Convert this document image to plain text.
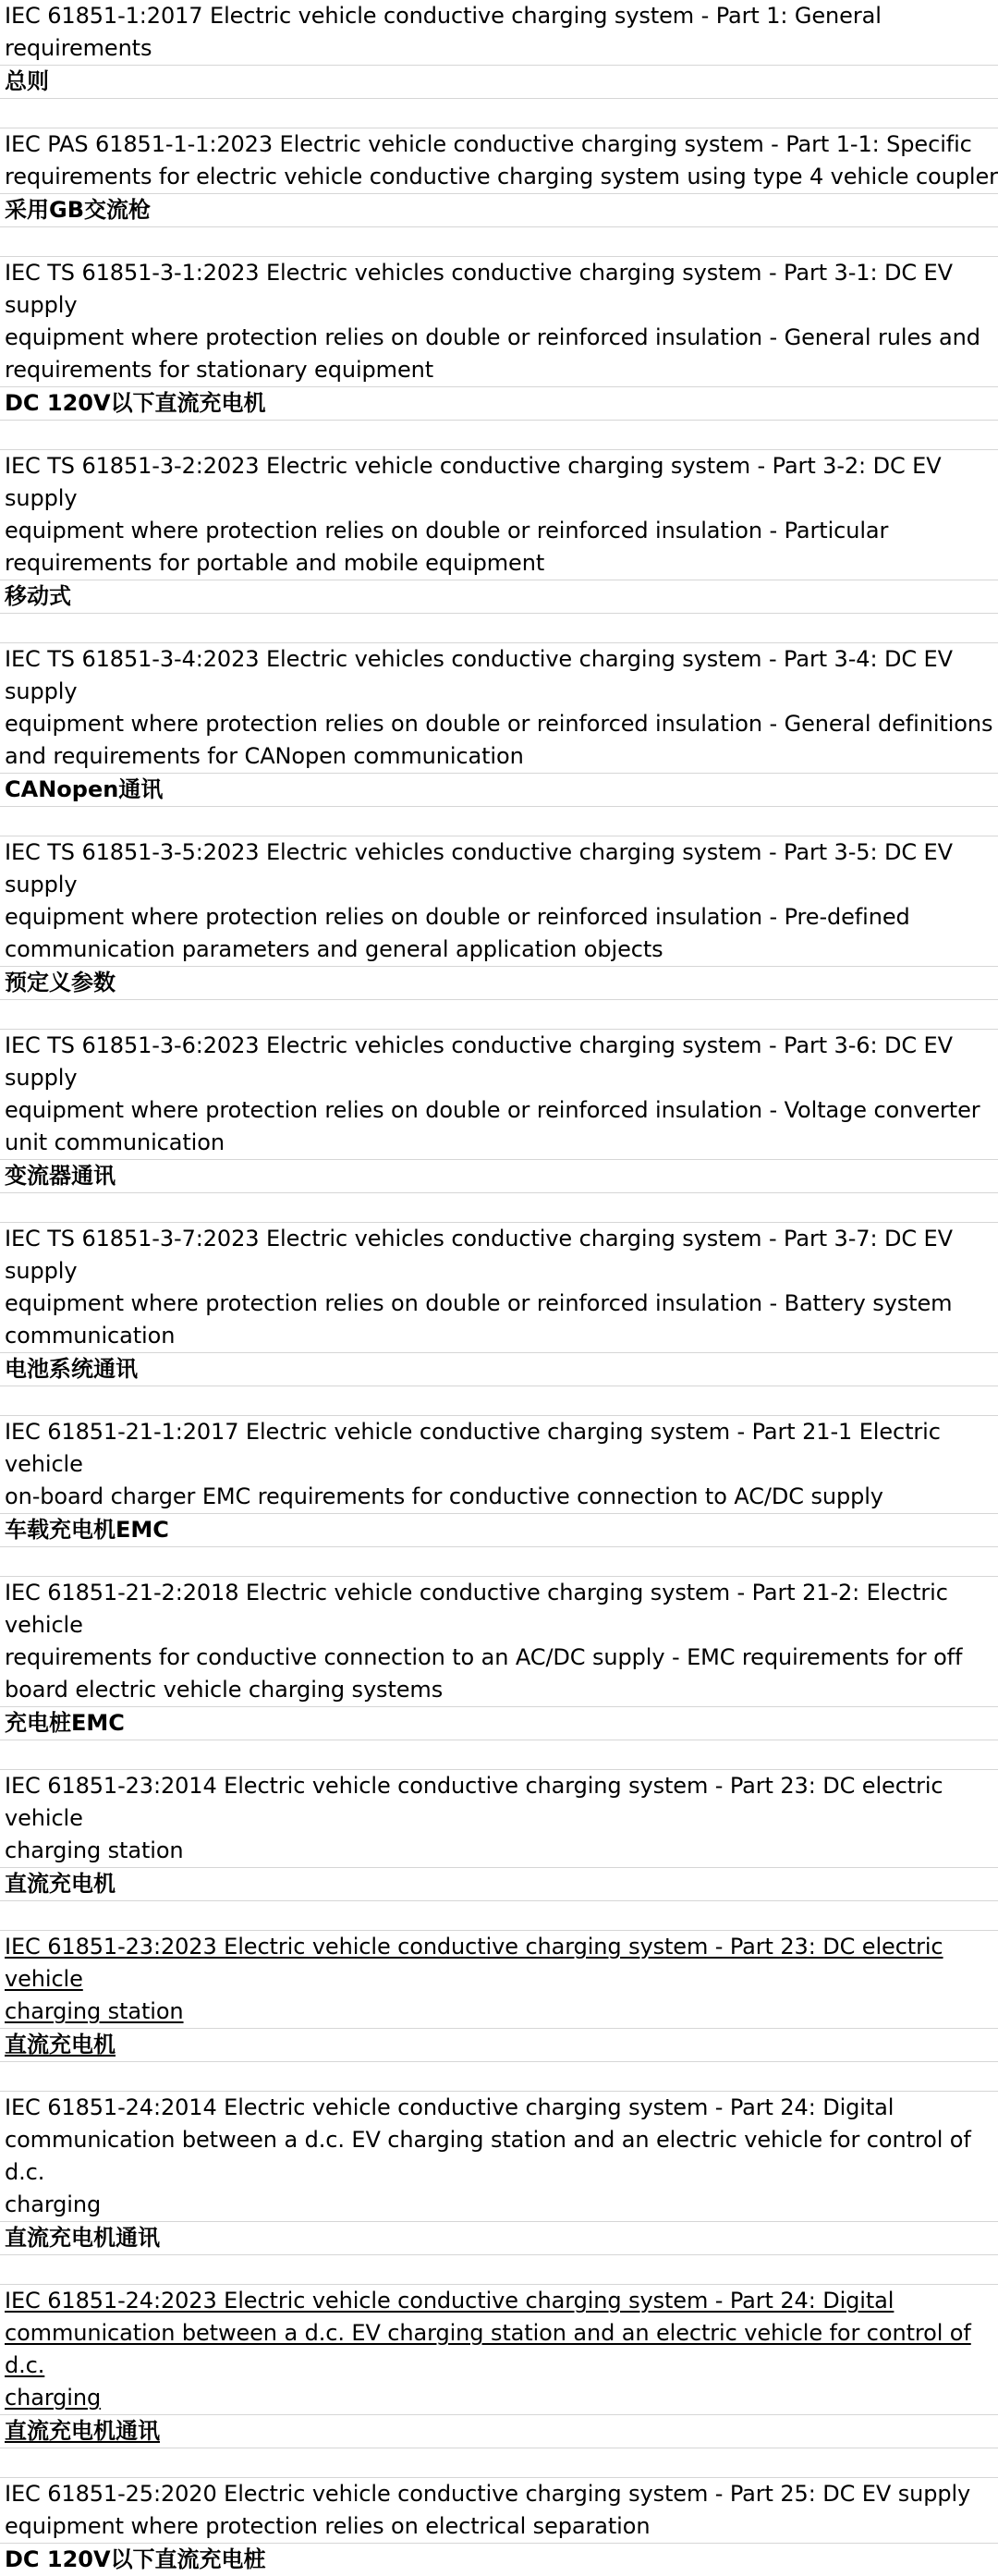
IEC 61851-1:2017 Electric vehicle conductive charging system - Part 1: General requirements
总则
IEC PAS 61851-1-1:2023 Electric vehicle conductive charging system - Part 1-1: Specific
requirements for electric vehicle conductive charging system using type 4 vehicle coupler
采用GB交流枪
IEC TS 61851-3-1:2023 Electric vehicles conductive charging system - Part 3-1: DC EV supply
equipment where protection relies on double or reinforced insulation - General rules and
requirements for stationary equipment
DC 120V以下直流充电机
IEC TS 61851-3-2:2023 Electric vehicle conductive charging system - Part 3-2: DC EV supply
equipment where protection relies on double or reinforced insulation - Particular
requirements for portable and mobile equipment
移动式
IEC TS 61851-3-4:2023 Electric vehicles conductive charging system - Part 3-4: DC EV supply
equipment where protection relies on double or reinforced insulation - General definitions
and requirements for CANopen communication
CANopen通讯
IEC TS 61851-3-5:2023 Electric vehicles conductive charging system - Part 3-5: DC EV supply
equipment where protection relies on double or reinforced insulation - Pre-defined
communication parameters and general application objects
预定义参数
IEC TS 61851-3-6:2023 Electric vehicles conductive charging system - Part 3-6: DC EV supply
equipment where protection relies on double or reinforced insulation - Voltage converter
unit communication
变流器通讯
IEC TS 61851-3-7:2023 Electric vehicles conductive charging system - Part 3-7: DC EV supply
equipment where protection relies on double or reinforced insulation - Battery system
communication
电池系统通讯
IEC 61851-21-1:2017 Electric vehicle conductive charging system - Part 21-1 Electric vehicle
on-board charger EMC requirements for conductive connection to AC/DC supply
车载充电机EMC
IEC 61851-21-2:2018 Electric vehicle conductive charging system - Part 21-2: Electric vehicle
requirements for conductive connection to an AC/DC supply - EMC requirements for off
board electric vehicle charging systems
充电桩EMC
IEC 61851-23:2014 Electric vehicle conductive charging system - Part 23: DC electric vehicle
charging station
直流充电机
IEC 61851-23:2023 Electric vehicle conductive charging system - Part 23: DC electric vehicle
charging station
直流充电机
IEC 61851-24:2014 Electric vehicle conductive charging system - Part 24: Digital
communication between a d.c. EV charging station and an electric vehicle for control of d.c.
charging
直流充电机通讯
IEC 61851-24:2023 Electric vehicle conductive charging system - Part 24: Digital
communication between a d.c. EV charging station and an electric vehicle for control of d.c.
charging
直流充电机通讯
IEC 61851-25:2020 Electric vehicle conductive charging system - Part 25: DC EV supply
equipment where protection relies on electrical separation
DC 120V以下直流充电桩
